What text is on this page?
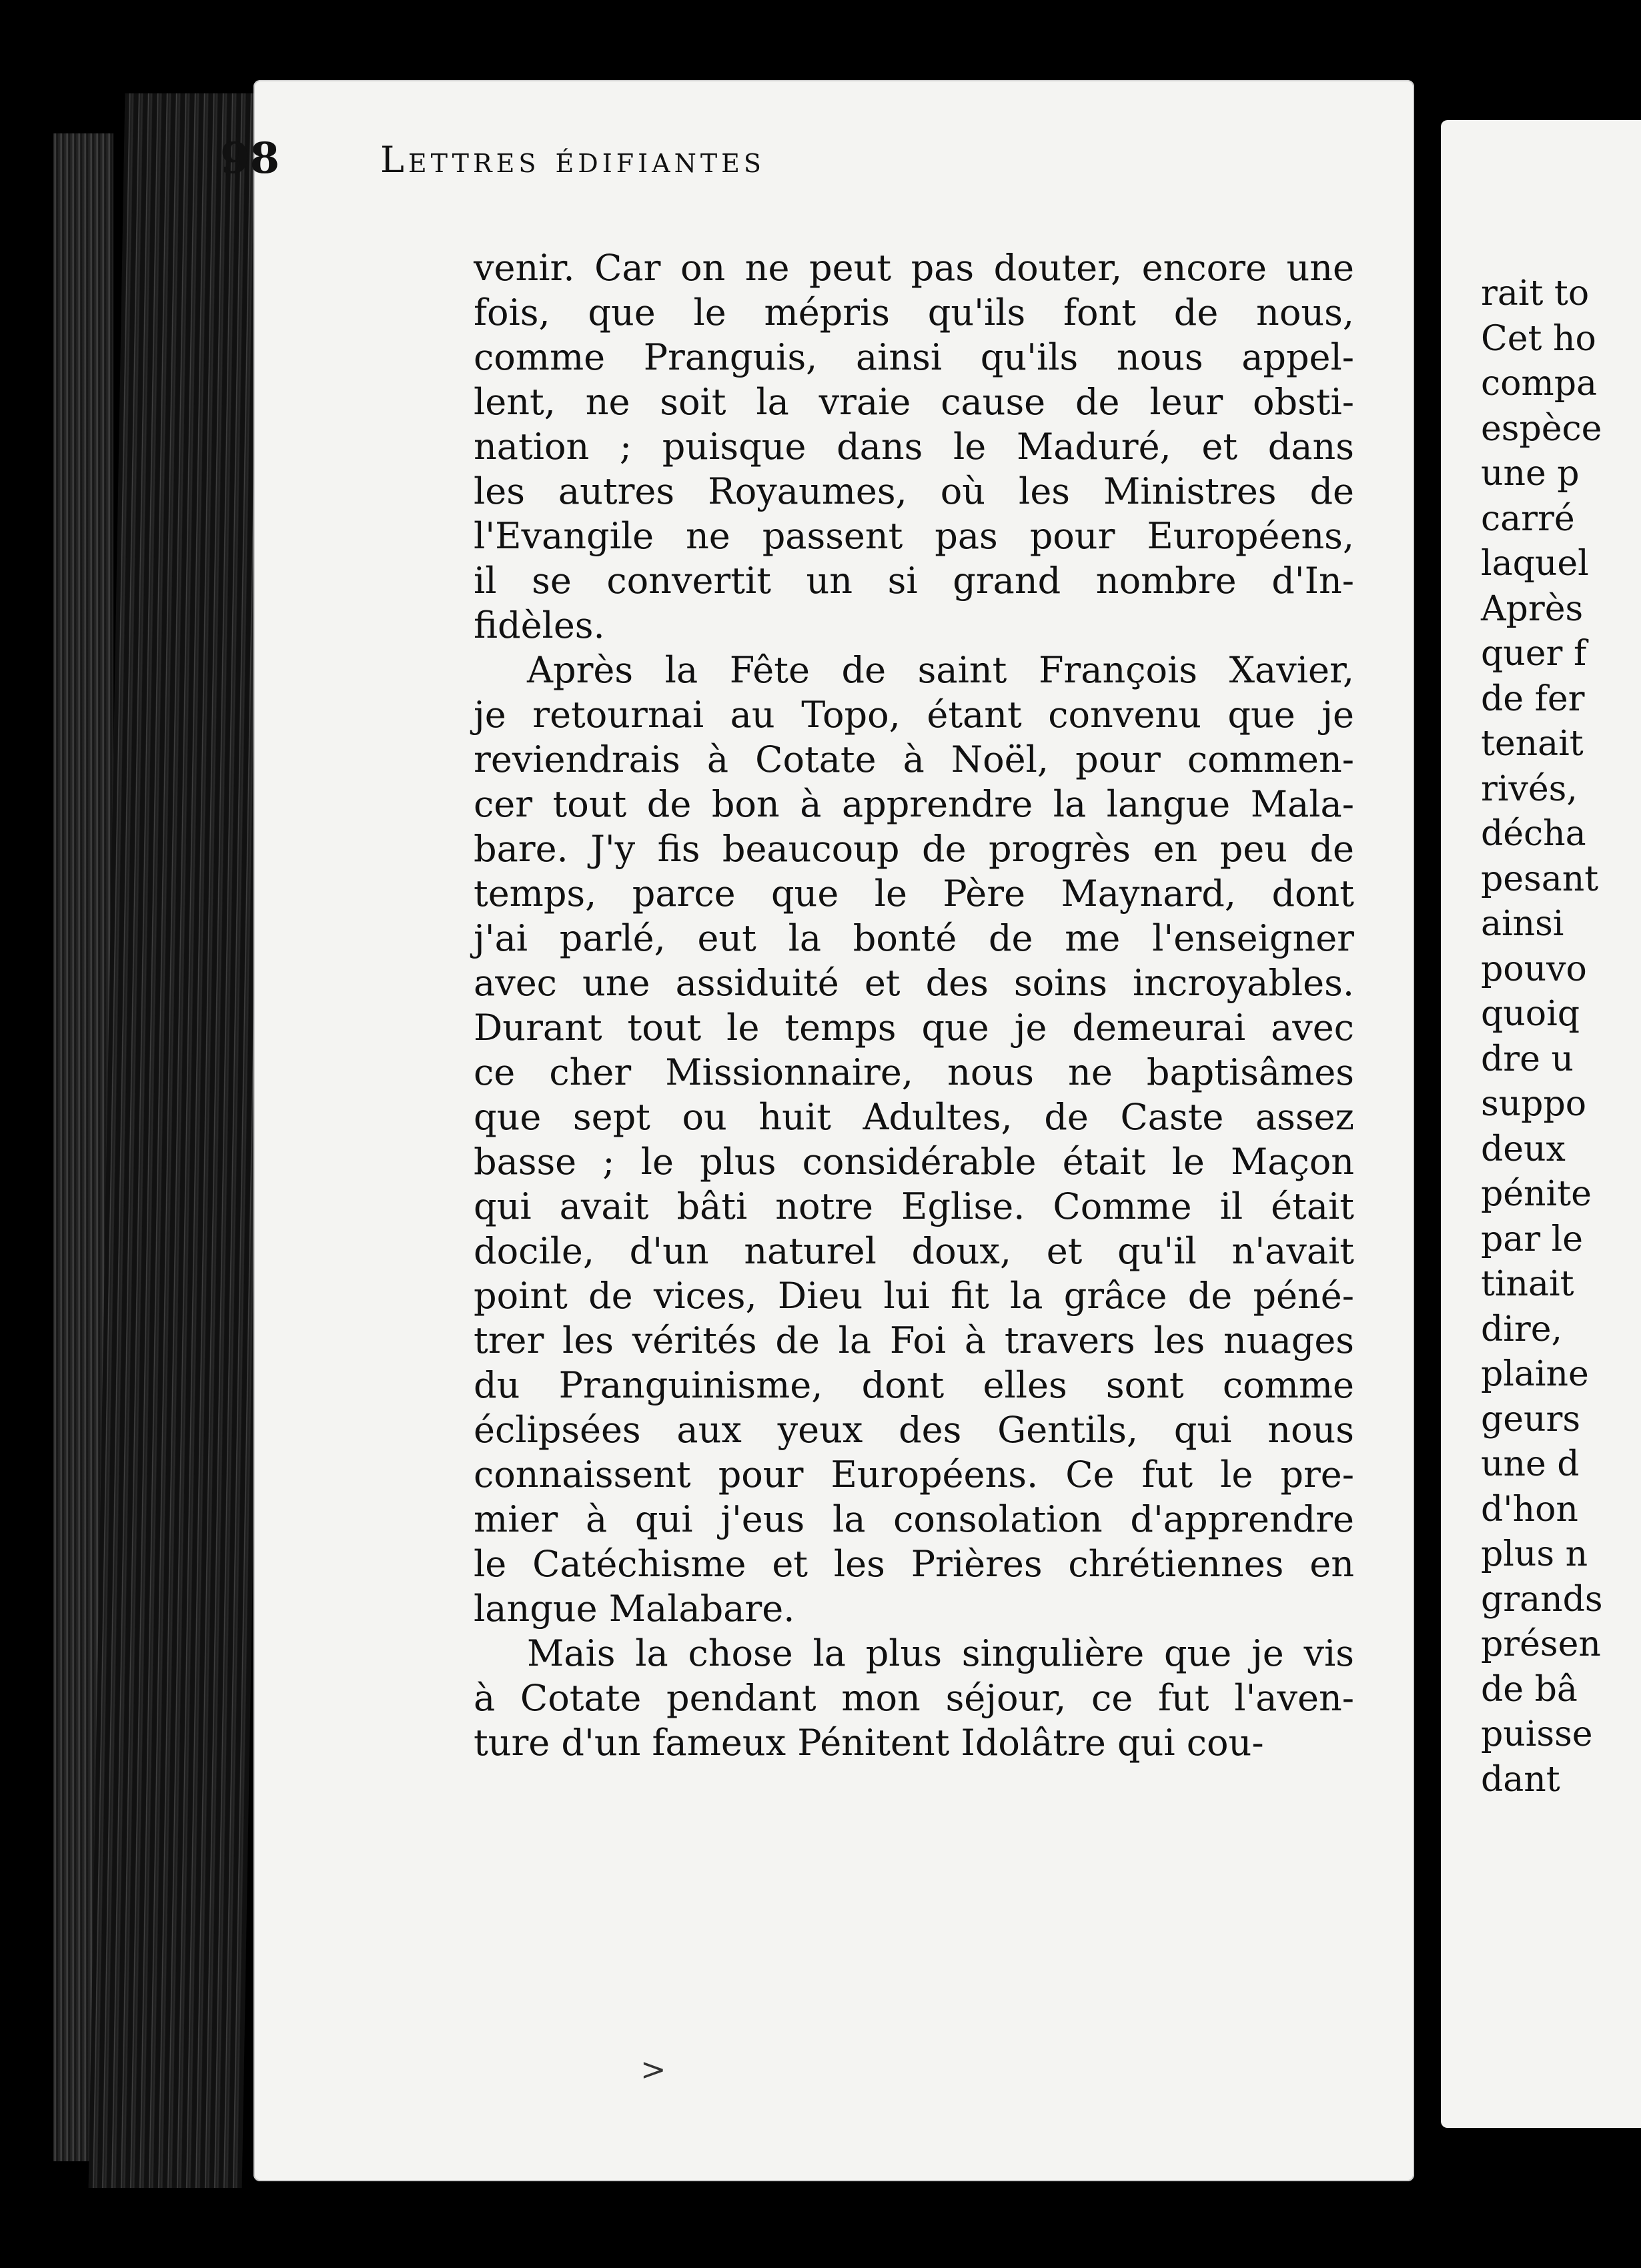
rait to
Cet ho
compa
espèce
une p
carré
laquel
Après
quer f
de fer
tenait
rivés,
décha
pesant
ainsi
pouvo
quoiq
dre u
suppo
deux
pénite
par le
tinait
dire,
plaine
geurs
une d
d'hon
plus n
grands
présen
de bâ
puisse
dant
98	Lettres édifiantes
venir. Car on ne peut pas douter, encore une
fois, que le mépris qu'ils font de nous,
comme Pranguis, ainsi qu'ils nous appel-
lent, ne soit la vraie cause de leur obsti-
nation ; puisque dans le Maduré, et dans
les autres Royaumes, où les Ministres de
l'Evangile ne passent pas pour Européens,
il se convertit un si grand nombre d'In-
fidèles.
Après la Fête de saint François Xavier,
je retournai au Topo, étant convenu que je
reviendrais à Cotate à Noël, pour commen-
cer tout de bon à apprendre la langue Mala-
bare. J'y fis beaucoup de progrès en peu de
temps, parce que le Père Maynard, dont
j'ai parlé, eut la bonté de me l'enseigner
avec une assiduité et des soins incroyables.
Durant tout le temps que je demeurai avec
ce cher Missionnaire, nous ne baptisâmes
que sept ou huit Adultes, de Caste assez
basse ; le plus considérable était le Maçon
qui avait bâti notre Eglise. Comme il était
docile, d'un naturel doux, et qu'il n'avait
point de vices, Dieu lui fit la grâce de péné-
trer les vérités de la Foi à travers les nuages
du Pranguinisme, dont elles sont comme
éclipsées aux yeux des Gentils, qui nous
connaissent pour Européens. Ce fut le pre-
mier à qui j'eus la consolation d'apprendre
le Catéchisme et les Prières chrétiennes en
langue Malabare.
Mais la chose la plus singulière que je vis
à Cotate pendant mon séjour, ce fut l'aven-
ture d'un fameux Pénitent Idolâtre qui cou-
>
